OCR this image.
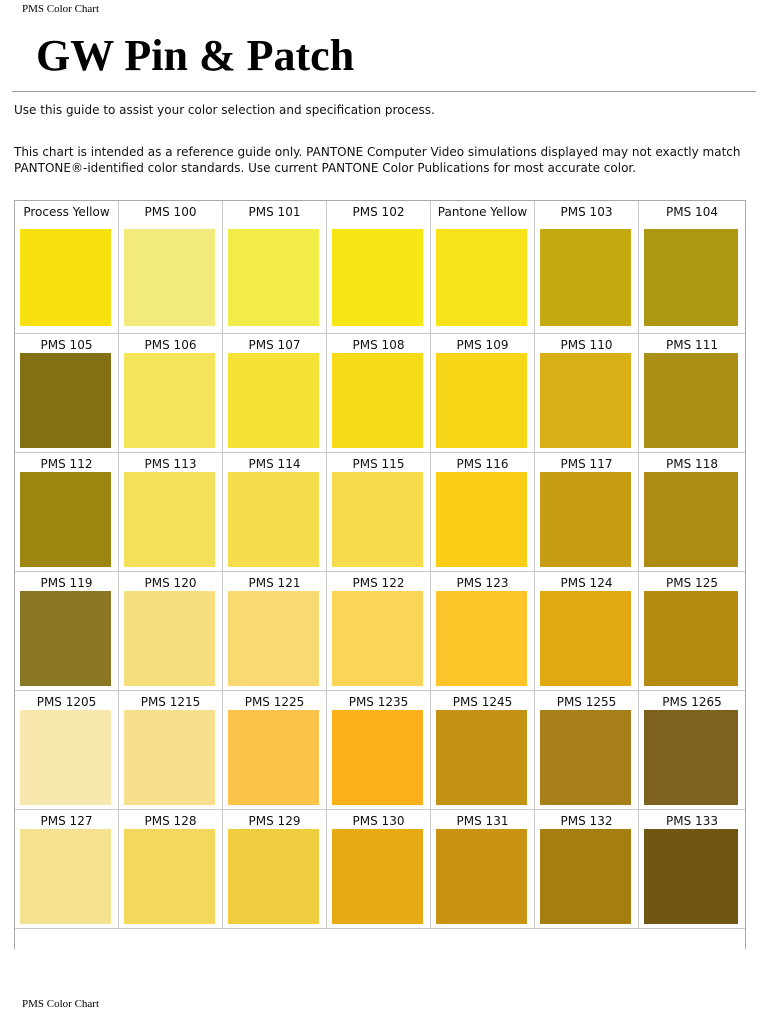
PMS Color Chart
GW Pin & Patch

Use this guide to assist your color selection and specification process.

This chart is intended as a reference guide only. PANTONE Computer Video simulations displayed may not exactly match PANTONE®-identified color standards. Use current PANTONE Color Publications for most accurate color.

Process Yellow	PMS 100	PMS 101	PMS 102	Pantone Yellow	PMS 103	PMS 104
PMS 105	PMS 106	PMS 107	PMS 108	PMS 109	PMS 110	PMS 111
PMS 112	PMS 113	PMS 114	PMS 115	PMS 116	PMS 117	PMS 118
PMS 119	PMS 120	PMS 121	PMS 122	PMS 123	PMS 124	PMS 125
PMS 1205	PMS 1215	PMS 1225	PMS 1235	PMS 1245	PMS 1255	PMS 1265
PMS 127	PMS 128	PMS 129	PMS 130	PMS 131	PMS 132	PMS 133
PMS Color Chart
